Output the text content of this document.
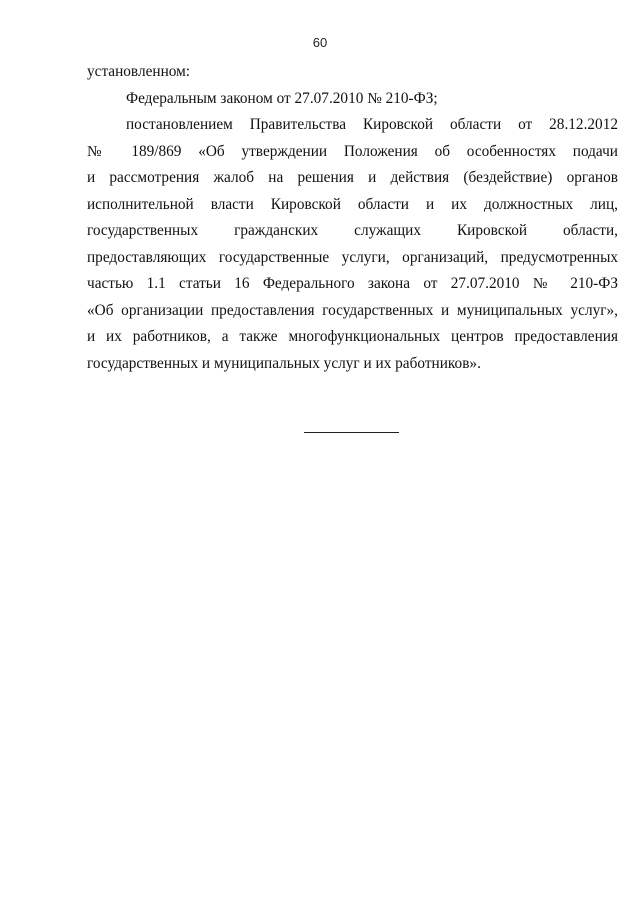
60
установленном:
Федеральным законом от 27.07.2010 № 210-ФЗ;
постановлением Правительства Кировской области от 28.12.2012
№ 189/869 «Об утверждении Положения об особенностях подачи
и рассмотрения жалоб на решения и действия (бездействие) органов
исполнительной власти Кировской области и их должностных лиц,
государственных гражданских служащих Кировской области,
предоставляющих государственные услуги, организаций, предусмотренных
частью 1.1 статьи 16 Федерального закона от 27.07.2010 № 210-ФЗ
«Об организации предоставления государственных и муниципальных услуг»,
и их работников, а также многофункциональных центров предоставления
государственных и муниципальных услуг и их работников».
